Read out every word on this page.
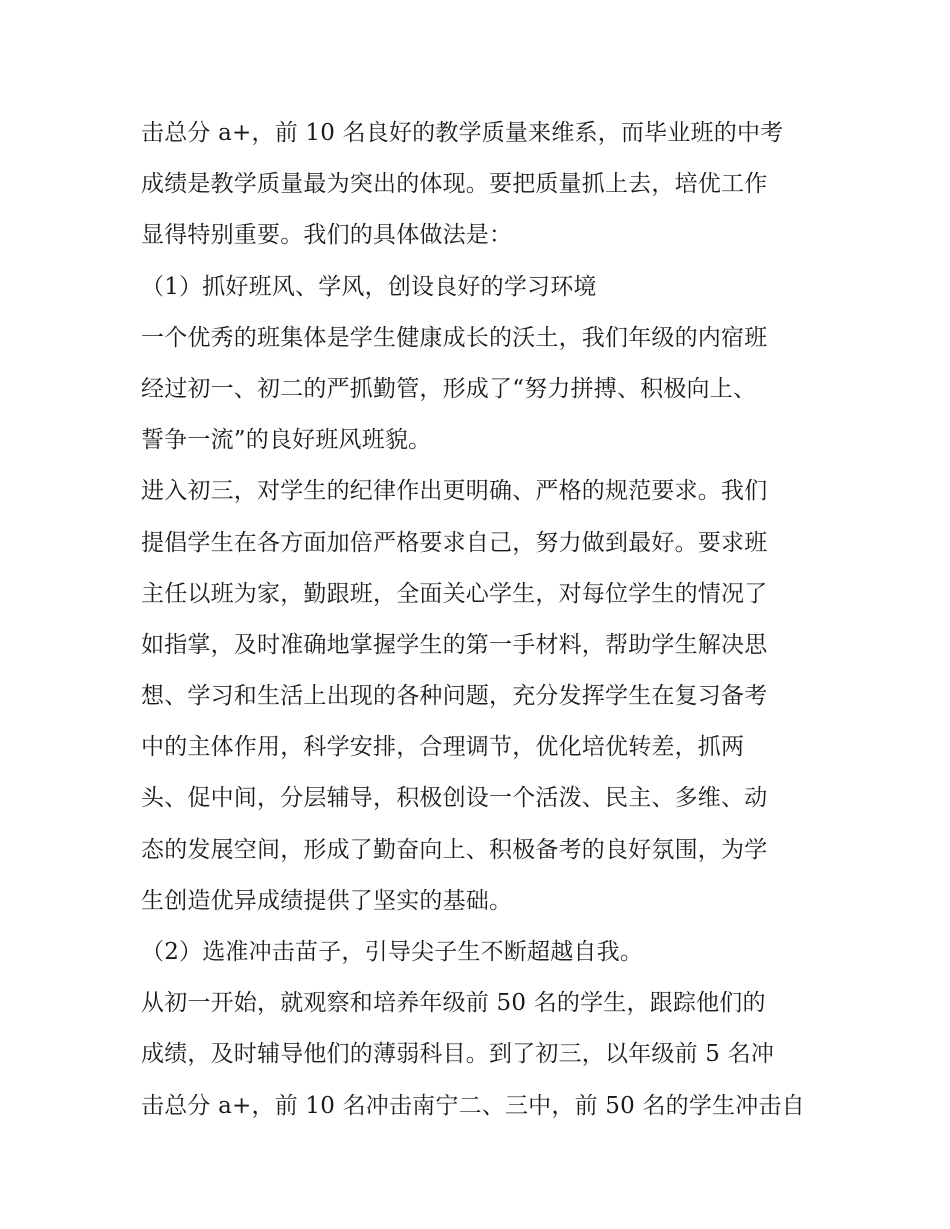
击总分 a+，前 10 名良好的教学质量来维系，而毕业班的中考
成绩是教学质量最为突出的体现。要把质量抓上去，培优工作
显得特别重要。我们的具体做法是：
（1）抓好班风、学风，创设良好的学习环境
一个优秀的班集体是学生健康成长的沃土，我们年级的内宿班
经过初一、初二的严抓勤管，形成了“努力拼搏、积极向上、
誓争一流”的良好班风班貌。
进入初三，对学生的纪律作出更明确、严格的规范要求。我们
提倡学生在各方面加倍严格要求自己，努力做到最好。要求班
主任以班为家，勤跟班，全面关心学生，对每位学生的情况了
如指掌，及时准确地掌握学生的第一手材料，帮助学生解决思
想、学习和生活上出现的各种问题，充分发挥学生在复习备考
中的主体作用，科学安排，合理调节，优化培优转差，抓两
头、促中间，分层辅导，积极创设一个活泼、民主、多维、动
态的发展空间，形成了勤奋向上、积极备考的良好氛围，为学
生创造优异成绩提供了坚实的基础。
（2）选准冲击苗子，引导尖子生不断超越自我。
从初一开始，就观察和培养年级前 50 名的学生，跟踪他们的
成绩，及时辅导他们的薄弱科目。到了初三，以年级前 5 名冲
击总分 a+，前 10 名冲击南宁二、三中，前 50 名的学生冲击自
